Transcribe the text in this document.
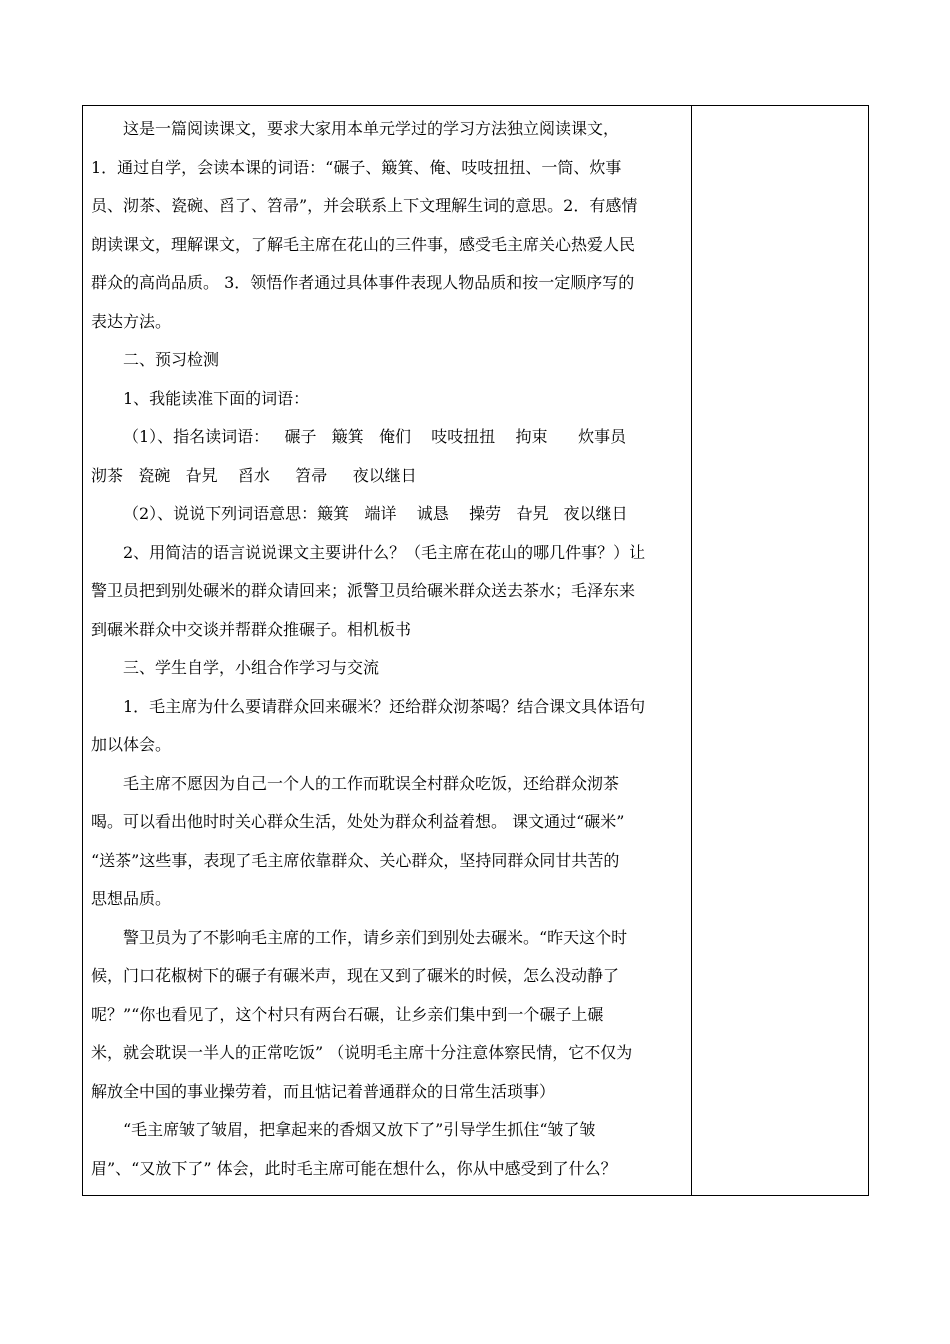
这是一篇阅读课文，要求大家用本单元学过的学习方法独立阅读课文，
1．通过自学，会读本课的词语：“碾子、簸箕、俺、吱吱扭扭、一筒、炊事
员、沏茶、瓷碗、舀了、笤帚”，并会联系上下文理解生词的意思。2．有感情
朗读课文，理解课文，了解毛主席在花山的三件事，感受毛主席关心热爱人民
群众的高尚品质。 3．领悟作者通过具体事件表现人物品质和按一定顺序写的
表达方法。
二、预习检测
1、我能读准下面的词语：
（1）、指名读词语：   碾子   簸箕   俺们    吱吱扭扭    拘束      炊事员
沏茶   瓷碗   旮旯    舀水     笤帚     夜以继日
（2）、说说下列词语意思：簸箕   端详    诚恳    操劳   旮旯   夜以继日
2、用简洁的语言说说课文主要讲什么？（毛主席在花山的哪几件事？）让
警卫员把到别处碾米的群众请回来；派警卫员给碾米群众送去茶水；毛泽东来
到碾米群众中交谈并帮群众推碾子。相机板书
三、学生自学，小组合作学习与交流
1．毛主席为什么要请群众回来碾米？还给群众沏茶喝？结合课文具体语句
加以体会。
毛主席不愿因为自己一个人的工作而耽误全村群众吃饭，还给群众沏茶
喝。可以看出他时时关心群众生活，处处为群众利益着想。 课文通过“碾米”
“送茶”这些事，表现了毛主席依靠群众、关心群众，坚持同群众同甘共苦的
思想品质。
警卫员为了不影响毛主席的工作，请乡亲们到别处去碾米。“昨天这个时
候，门口花椒树下的碾子有碾米声，现在又到了碾米的时候，怎么没动静了
呢？”“你也看见了，这个村只有两台石碾，让乡亲们集中到一个碾子上碾
米，就会耽误一半人的正常吃饭” （说明毛主席十分注意体察民情，它不仅为
解放全中国的事业操劳着，而且惦记着普通群众的日常生活琐事）
“毛主席皱了皱眉，把拿起来的香烟又放下了”引导学生抓住“皱了皱
眉”、“又放下了” 体会，此时毛主席可能在想什么，你从中感受到了什么？
